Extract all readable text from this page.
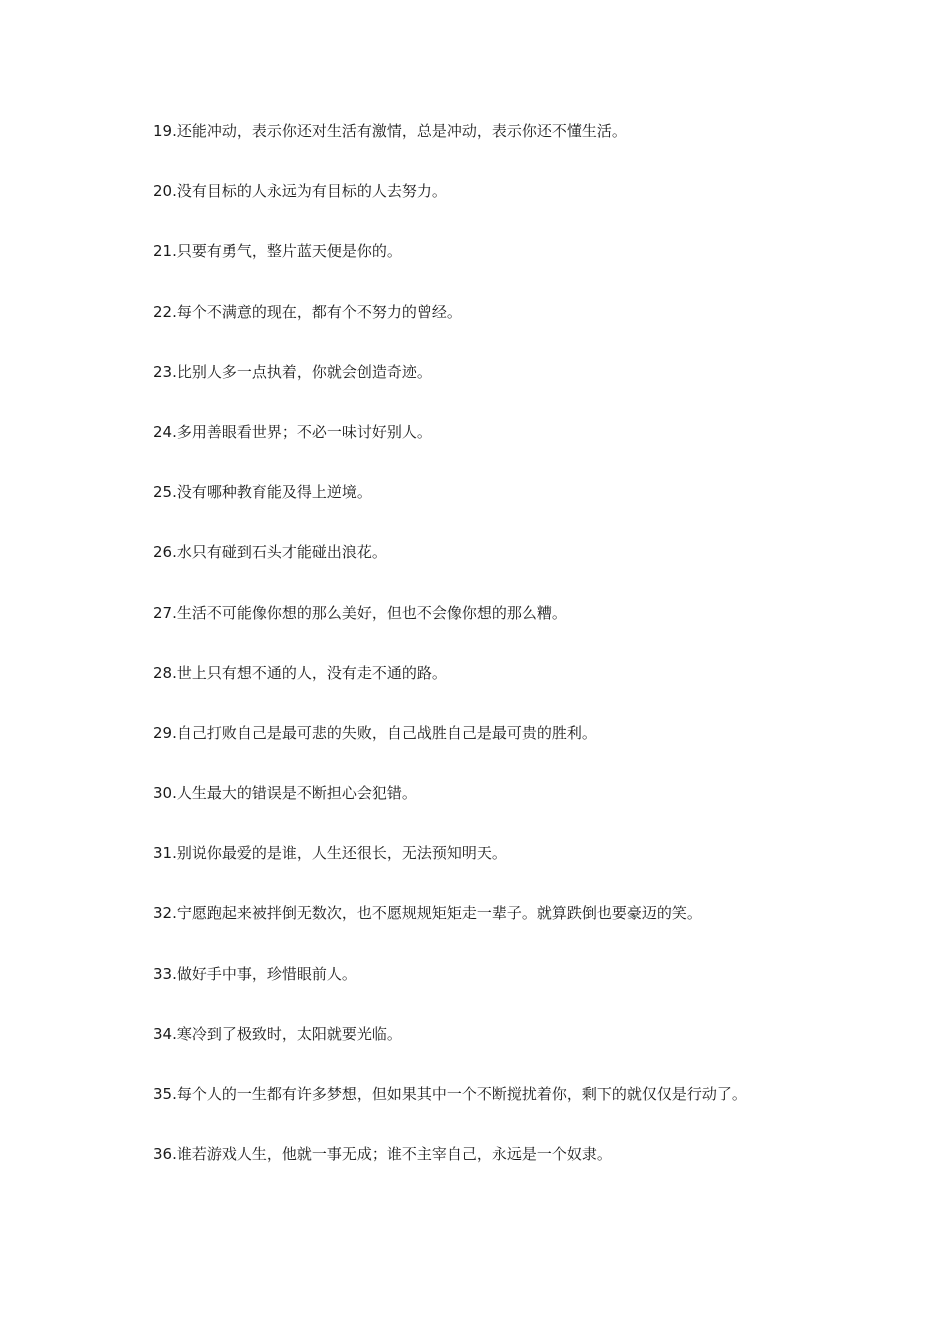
19.还能冲动，表示你还对生活有激情，总是冲动，表示你还不懂生活。
20.没有目标的人永远为有目标的人去努力。
21.只要有勇气，整片蓝天便是你的。
22.每个不满意的现在，都有个不努力的曾经。
23.比别人多一点执着，你就会创造奇迹。
24.多用善眼看世界；不必一味讨好别人。
25.没有哪种教育能及得上逆境。
26.水只有碰到石头才能碰出浪花。
27.生活不可能像你想的那么美好，但也不会像你想的那么糟。
28.世上只有想不通的人，没有走不通的路。
29.自己打败自己是最可悲的失败，自己战胜自己是最可贵的胜利。
30.人生最大的错误是不断担心会犯错。
31.别说你最爱的是谁，人生还很长，无法预知明天。
32.宁愿跑起来被拌倒无数次，也不愿规规矩矩走一辈子。就算跌倒也要豪迈的笑。
33.做好手中事，珍惜眼前人。
34.寒冷到了极致时，太阳就要光临。
35.每个人的一生都有许多梦想，但如果其中一个不断搅扰着你，剩下的就仅仅是行动了。
36.谁若游戏人生，他就一事无成；谁不主宰自己，永远是一个奴隶。
